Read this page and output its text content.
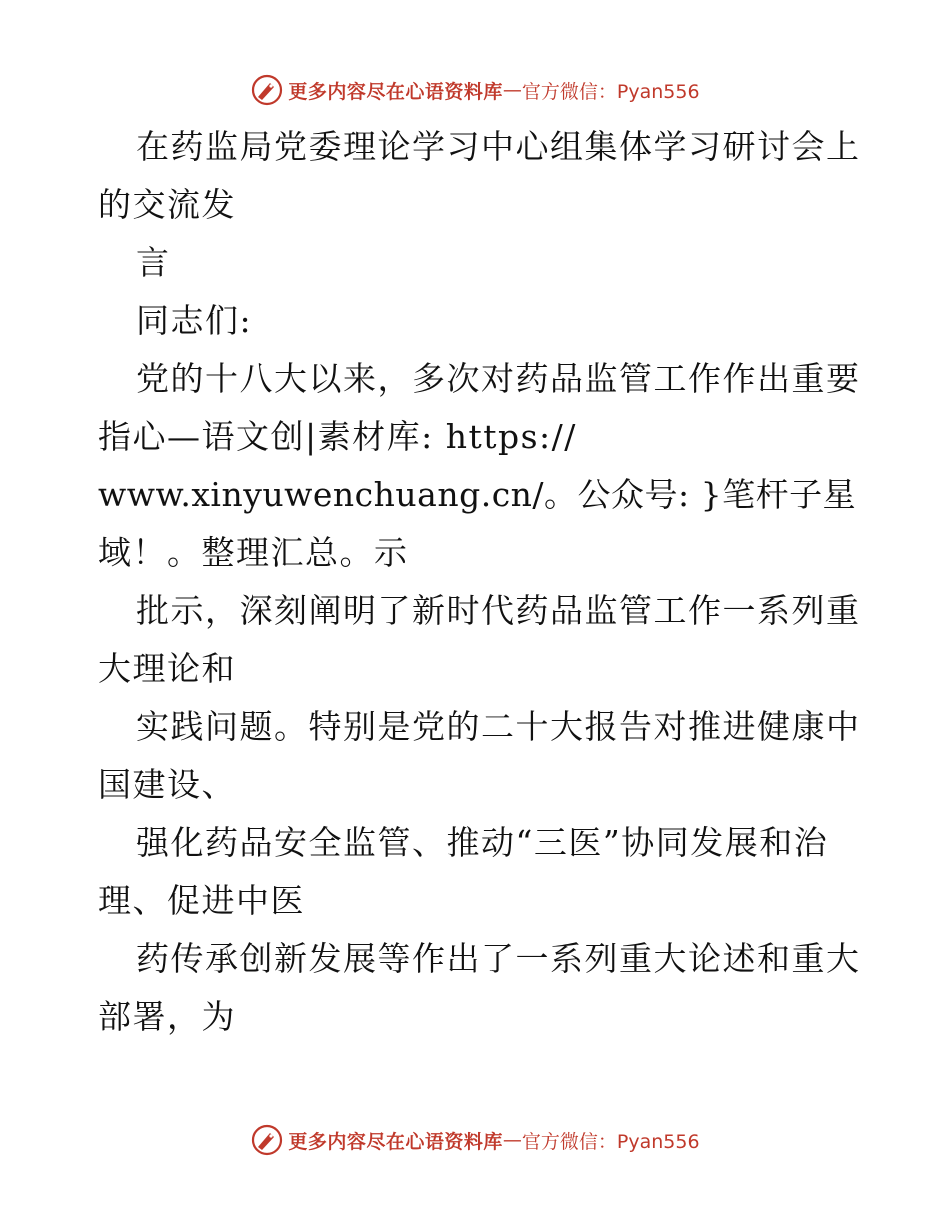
更多内容尽在心语资料库 — 官方微信：Pyan556
在药监局党委理论学习中心组集体学习研讨会上
的交流发
言
同志们:
党的十八大以来，多次对药品监管工作作出重要
指心—语文创|素材库: https://
www.xinyuwenchuang.cn/。公众号: }笔杆子星
域！。整理汇总。示
批示，深刻阐明了新时代药品监管工作一系列重
大理论和
实践问题。特别是党的二十大报告对推进健康中
国建设、
强化药品安全监管、推动“三医”协同发展和治
理、促进中医
药传承创新发展等作出了一系列重大论述和重大
部署，为
更多内容尽在心语资料库 — 官方微信：Pyan556
